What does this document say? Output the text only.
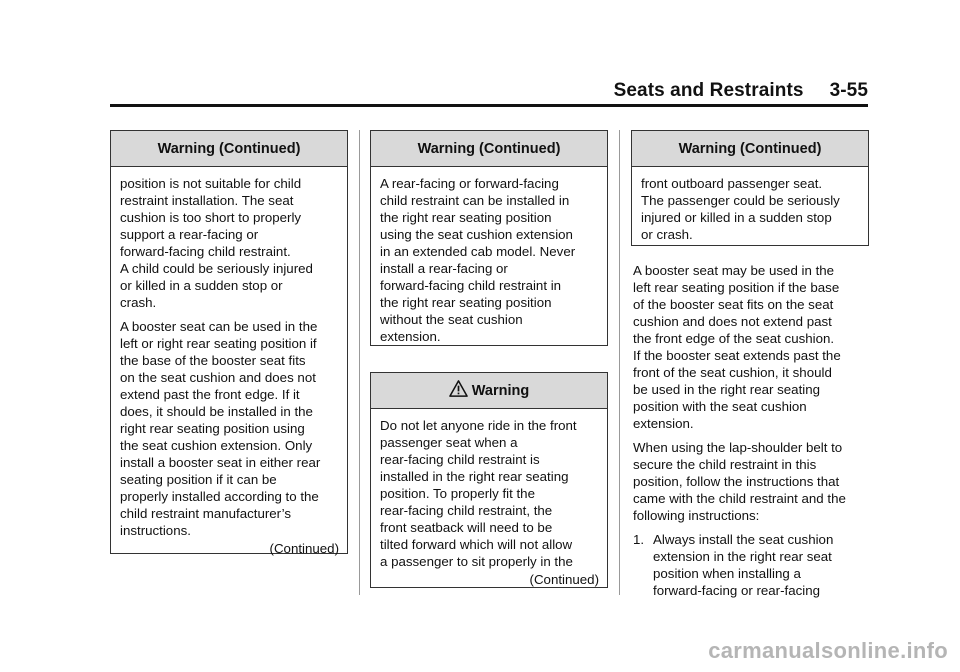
Seats and Restraints 3-55
Warning (Continued)

position is not suitable for child
restraint installation. The seat
cushion is too short to properly
support a rear-facing or
forward-facing child restraint.
A child could be seriously injured
or killed in a sudden stop or
crash.

A booster seat can be used in the
left or right rear seating position if
the base of the booster seat fits
on the seat cushion and does not
extend past the front edge. If it
does, it should be installed in the
right rear seating position using
the seat cushion extension. Only
install a booster seat in either rear
seating position if it can be
properly installed according to the
child restraint manufacturer’s
instructions.

(Continued)
Warning (Continued)

A rear-facing or forward-facing
child restraint can be installed in
the right rear seating position
using the seat cushion extension
in an extended cab model. Never
install a rear-facing or
forward-facing child restraint in
the right rear seating position
without the seat cushion
extension.

Warning

Do not let anyone ride in the front
passenger seat when a
rear-facing child restraint is
installed in the right rear seating
position. To properly fit the
rear-facing child restraint, the
front seatback will need to be
tilted forward which will not allow
a passenger to sit properly in the

(Continued)
Warning (Continued)

front outboard passenger seat.
The passenger could be seriously
injured or killed in a sudden stop
or crash.

A booster seat may be used in the
left rear seating position if the base
of the booster seat fits on the seat
cushion and does not extend past
the front edge of the seat cushion.
If the booster seat extends past the
front of the seat cushion, it should
be used in the right rear seating
position with the seat cushion
extension.

When using the lap-shoulder belt to
secure the child restraint in this
position, follow the instructions that
came with the child restraint and the
following instructions:

1. Always install the seat cushion
extension in the right rear seat
position when installing a
forward-facing or rear-facing
carmanualsonline.info
